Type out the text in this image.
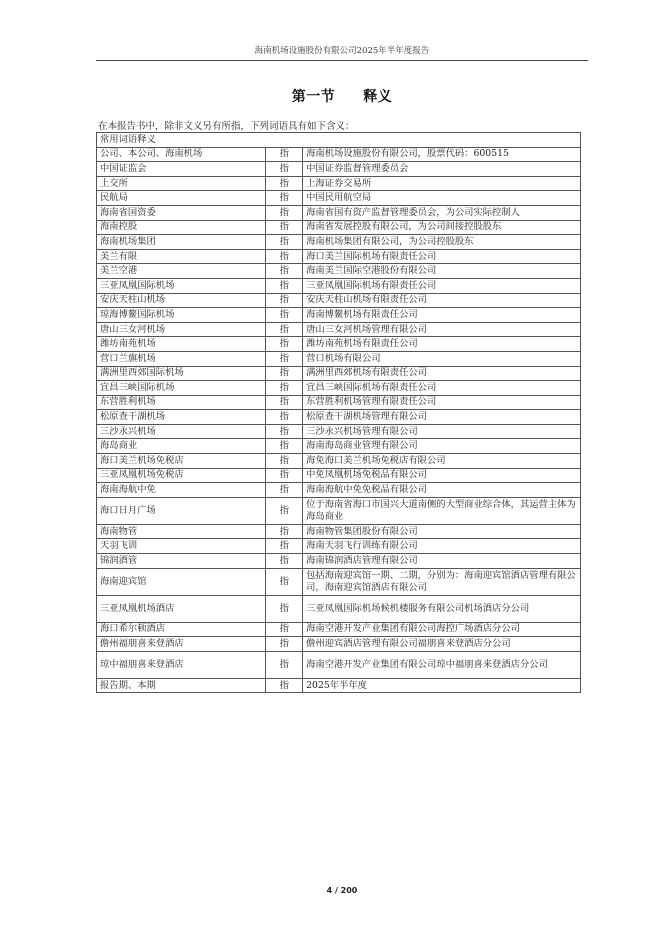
海南机场设施股份有限公司2025年半年度报告
第一节 释义
在本报告书中，除非文义另有所指，下列词语具有如下含义：
常用词语释义		
公司、本公司、海南机场	指	海南机场设施股份有限公司，股票代码：600515
中国证监会	指	中国证券监督管理委员会
上交所	指	上海证券交易所
民航局	指	中国民用航空局
海南省国资委	指	海南省国有资产监督管理委员会，为公司实际控制人
海南控股	指	海南省发展控股有限公司，为公司间接控股股东
海南机场集团	指	海南机场集团有限公司，为公司控股股东
美兰有限	指	海口美兰国际机场有限责任公司
美兰空港	指	海南美兰国际空港股份有限公司
三亚凤凰国际机场	指	三亚凤凰国际机场有限责任公司
安庆天柱山机场	指	安庆天柱山机场有限责任公司
琼海博鳌国际机场	指	海南博鳌机场有限责任公司
唐山三女河机场	指	唐山三女河机场管理有限公司
潍坊南苑机场	指	潍坊南苑机场有限责任公司
营口兰旗机场	指	营口机场有限公司
满洲里西郊国际机场	指	满洲里西郊机场有限责任公司
宜昌三峡国际机场	指	宜昌三峡国际机场有限责任公司
东营胜利机场	指	东营胜利机场管理有限责任公司
松原查干湖机场	指	松原查干湖机场管理有限公司
三沙永兴机场	指	三沙永兴机场管理有限公司
海岛商业	指	海南海岛商业管理有限公司
海口美兰机场免税店	指	海免海口美兰机场免税店有限公司
三亚凤凰机场免税店	指	中免凤凰机场免税品有限公司
海南海航中免	指	海南海航中免免税品有限公司
海口日月广场	指	位于海南省海口市国兴大道南侧的大型商业综合体，其运营主体为海岛商业
海南物管	指	海南物管集团股份有限公司
天羽飞训	指	海南天羽飞行训练有限公司
锦润酒管	指	海南锦润酒店管理有限公司
海南迎宾馆	指	包括海南迎宾馆一期、二期，分别为：海南迎宾馆酒店管理有限公司，海南迎宾馆酒店有限公司
三亚凤凰机场酒店	指	三亚凤凰国际机场候机楼服务有限公司机场酒店分公司
海口希尔顿酒店	指	海南空港开发产业集团有限公司海控广场酒店分公司
儋州福朋喜来登酒店	指	儋州迎宾酒店管理有限公司福朋喜来登酒店分公司
琼中福朋喜来登酒店	指	海南空港开发产业集团有限公司琼中福朋喜来登酒店分公司
报告期、本期	指	2025年半年度
4 / 200
